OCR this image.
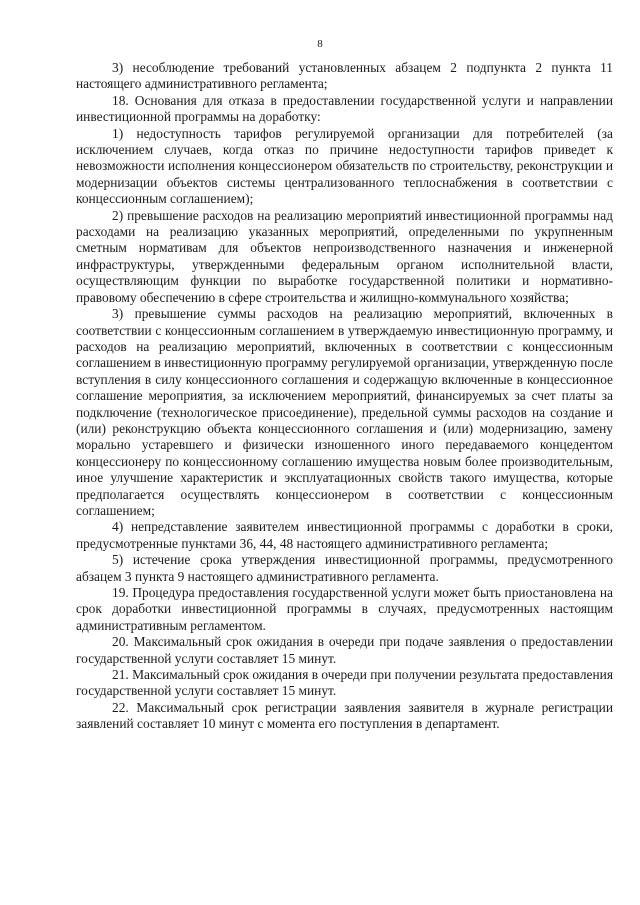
8

3) несоблюдение требований установленных абзацем 2 подпункта 2 пункта 11 настоящего административного регламента;

18. Основания для отказа в предоставлении государственной услуги и направлении инвестиционной программы на доработку:

1) недоступность тарифов регулируемой организации для потребителей (за исключением случаев, когда отказ по причине недоступности тарифов приведет к невозможности исполнения концессионером обязательств по строительству, реконструкции и модернизации объектов системы централизованного теплоснабжения в соответствии с концессионным соглашением);

2) превышение расходов на реализацию мероприятий инвестиционной программы над расходами на реализацию указанных мероприятий, определенными по укрупненным сметным нормативам для объектов непроизводственного назначения и инженерной инфраструктуры, утвержденными федеральным органом исполнительной власти, осуществляющим функции по выработке государственной политики и нормативно-правовому обеспечению в сфере строительства и жилищно-коммунального хозяйства;

3) превышение суммы расходов на реализацию мероприятий, включенных в соответствии с концессионным соглашением в утверждаемую инвестиционную программу, и расходов на реализацию мероприятий, включенных в соответствии с концессионным соглашением в инвестиционную программу регулируемой организации, утвержденную после вступления в силу концессионного соглашения и содержащую включенные в концессионное соглашение мероприятия, за исключением мероприятий, финансируемых за счет платы за подключение (технологическое присоединение), предельной суммы расходов на создание и (или) реконструкцию объекта концессионного соглашения и (или) модернизацию, замену морально устаревшего и физически изношенного иного передаваемого концедентом концессионеру по концессионному соглашению имущества новым более производительным, иное улучшение характеристик и эксплуатационных свойств такого имущества, которые предполагается осуществлять концессионером в соответствии с концессионным соглашением;

4) непредставление заявителем инвестиционной программы с доработки в сроки, предусмотренные пунктами 36, 44, 48 настоящего административного регламента;

5) истечение срока утверждения инвестиционной программы, предусмотренного абзацем 3 пункта 9 настоящего административного регламента.

19. Процедура предоставления государственной услуги может быть приостановлена на срок доработки инвестиционной программы в случаях, предусмотренных настоящим административным регламентом.

20. Максимальный срок ожидания в очереди при подаче заявления о предоставлении государственной услуги составляет 15 минут.

21. Максимальный срок ожидания в очереди при получении результата предоставления государственной услуги составляет 15 минут.

22. Максимальный срок регистрации заявления заявителя в журнале регистрации заявлений составляет 10 минут с момента его поступления в департамент.
